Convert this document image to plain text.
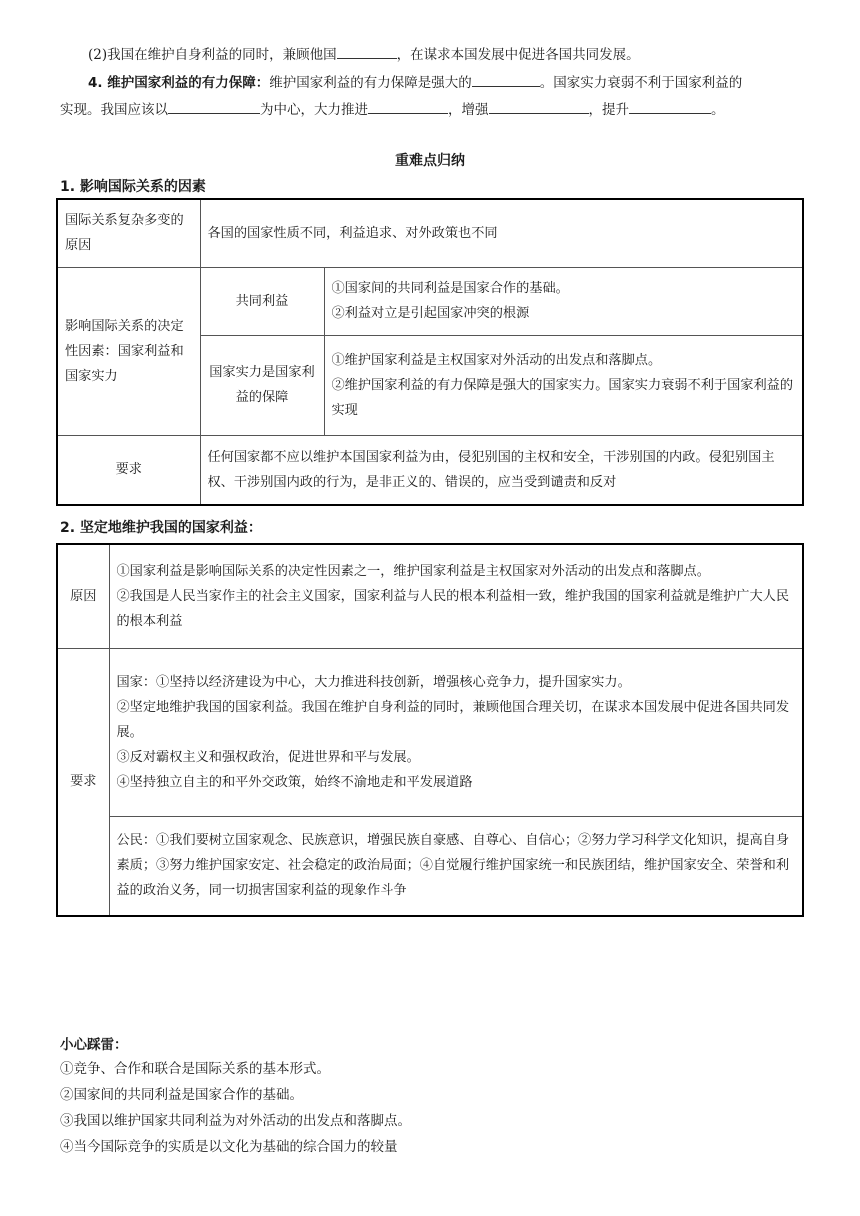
(2)我国在维护自身利益的同时，兼顾他国	，在谋求本国发展中促进各国共同发展。
4. 维护国家利益的有力保障：维护国家利益的有力保障是强大的	。国家实力衰弱不利于国家利益的
实现。我国应该以	为中心，大力推进	，增强	，提升	。
重难点归纳
1. 影响国际关系的因素
国际关系复杂多变的原因	各国的国家性质不同，利益追求、对外政策也不同	
影响国际关系的决定性因素：国家利益和国家实力	共同利益	①国家间的共同利益是国家合作的基础。
②利益对立是引起国家冲突的根源

	国家实力是国家利益的保障	①维护国家利益是主权国家对外活动的出发点和落脚点。
②维护国家利益的有力保障是强大的国家实力。国家实力衰弱不利于国家利益的实现

要求	任何国家都不应以维护本国国家利益为由，侵犯别国的主权和安全，干涉别国的内政。侵犯别国主权、干涉别国内政的行为，是非正义的、错误的，应当受到谴责和反对	
2. 坚定地维护我国的国家利益：
原因	①国家利益是影响国际关系的决定性因素之一，维护国家利益是主权国家对外活动的出发点和落脚点。
②我国是人民当家作主的社会主义国家，国家利益与人民的根本利益相一致，维护我国的国家利益就是维护广大人民的根本利益

要求	国家：①坚持以经济建设为中心，大力推进科技创新，增强核心竞争力，提升国家实力。
②坚定地维护我国的国家利益。我国在维护自身利益的同时，兼顾他国合理关切，在谋求本国发展中促进各国共同发展。
③反对霸权主义和强权政治，促进世界和平与发展。
④坚持独立自主的和平外交政策，始终不渝地走和平发展道路

	公民：①我们要树立国家观念、民族意识，增强民族自豪感、自尊心、自信心；②努力学习科学文化知识，提高自身素质；③努力维护国家安定、社会稳定的政治局面；④自觉履行维护国家统一和民族团结，维护国家安全、荣誉和利益的政治义务，同一切损害国家利益的现象作斗争
小心踩雷：
①竞争、合作和联合是国际关系的基本形式。
②国家间的共同利益是国家合作的基础。
③我国以维护国家共同利益为对外活动的出发点和落脚点。
④当今国际竞争的实质是以文化为基础的综合国力的较量
